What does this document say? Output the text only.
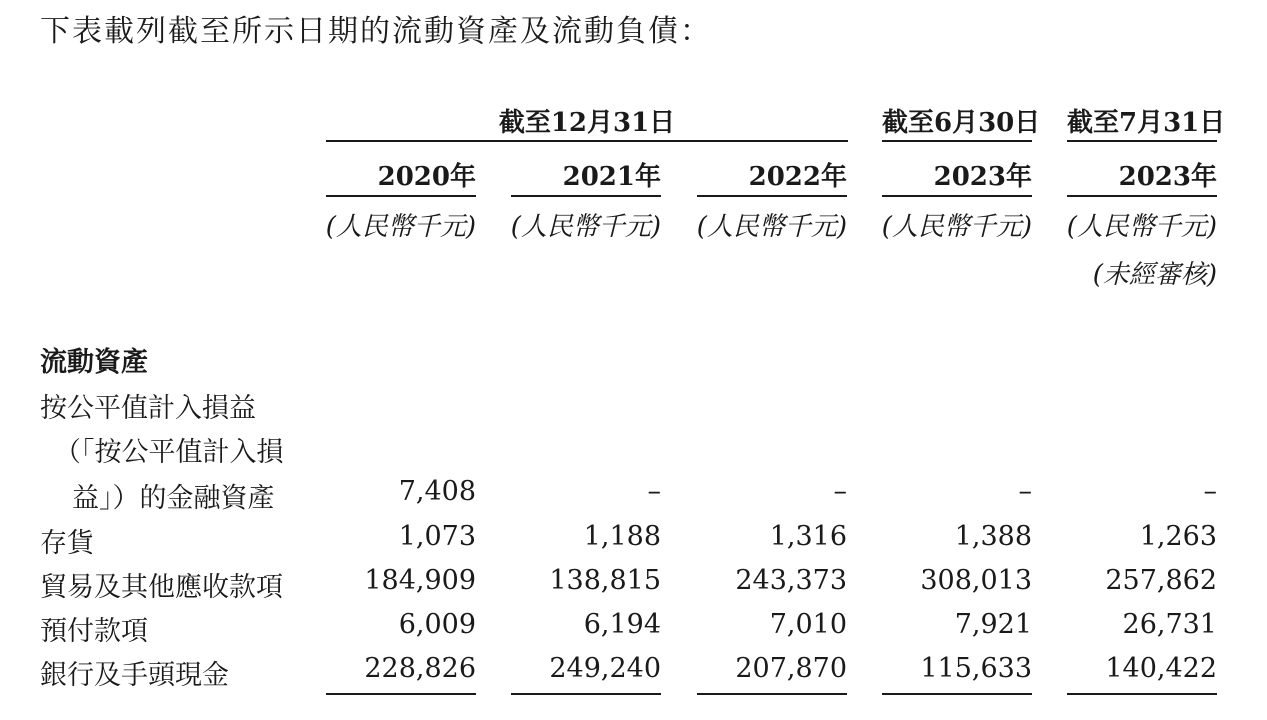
下表載列截至所示日期的流動資產及流動負債：
截至12月31日	截至6月30日 截至7月31日
2020年	2021年	2022年	2023年	2023年
(人民幣千元)	(人民幣千元)	(人民幣千元)	(人民幣千元)	(人民幣千元)
(未經審核)
流動資產
按公平值計入損益
（「按公平值計入損
益」）的金融資產	7,408	–	–	–	–
存貨	1,073	1,188	1,316	1,388	1,263
貿易及其他應收款項	184,909	138,815	243,373	308,013	257,862
預付款項	6,009	6,194	7,010	7,921	26,731
銀行及手頭現金	228,826	249,240	207,870	115,633	140,422
